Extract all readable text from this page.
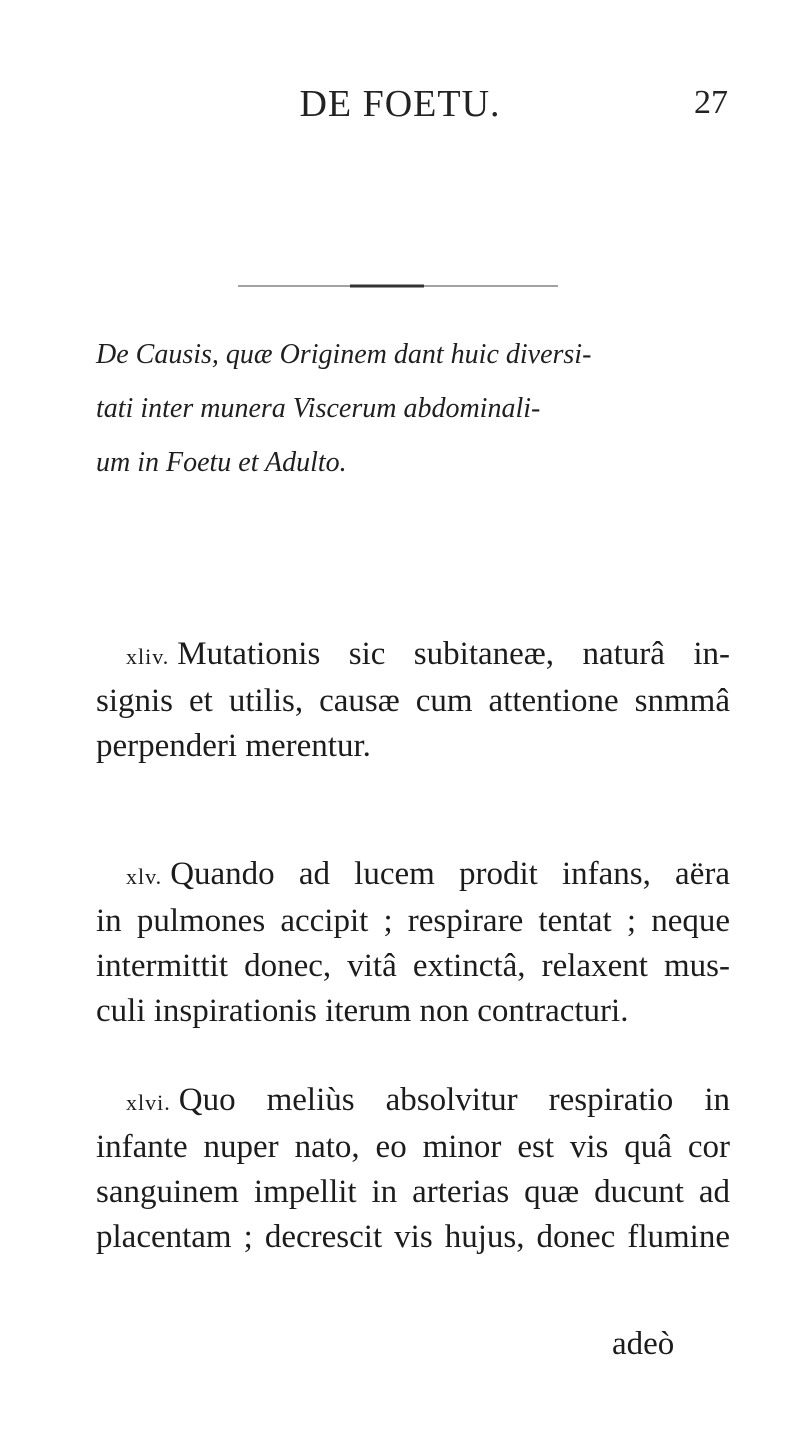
DE FOETU.	27
De Causis, quæ Originem dant huic diversi-
tati inter munera Viscerum abdominali-
um in Foetu et Adulto.
xliv. Mutationis sic subitaneæ, naturâ in-
signis et utilis, causæ cum attentione snmmâ
perpenderi merentur.
xlv. Quando ad lucem prodit infans, aëra
in pulmones accipit ; respirare tentat ; neque
intermittit donec, vitâ extinctâ, relaxent mus-
culi inspirationis iterum non contracturi.
xlvi. Quo meliùs absolvitur respiratio in
infante nuper nato, eo minor est vis quâ cor
sanguinem impellit in arterias quæ ducunt ad
placentam ; decrescit vis hujus, donec flumine
adeò
